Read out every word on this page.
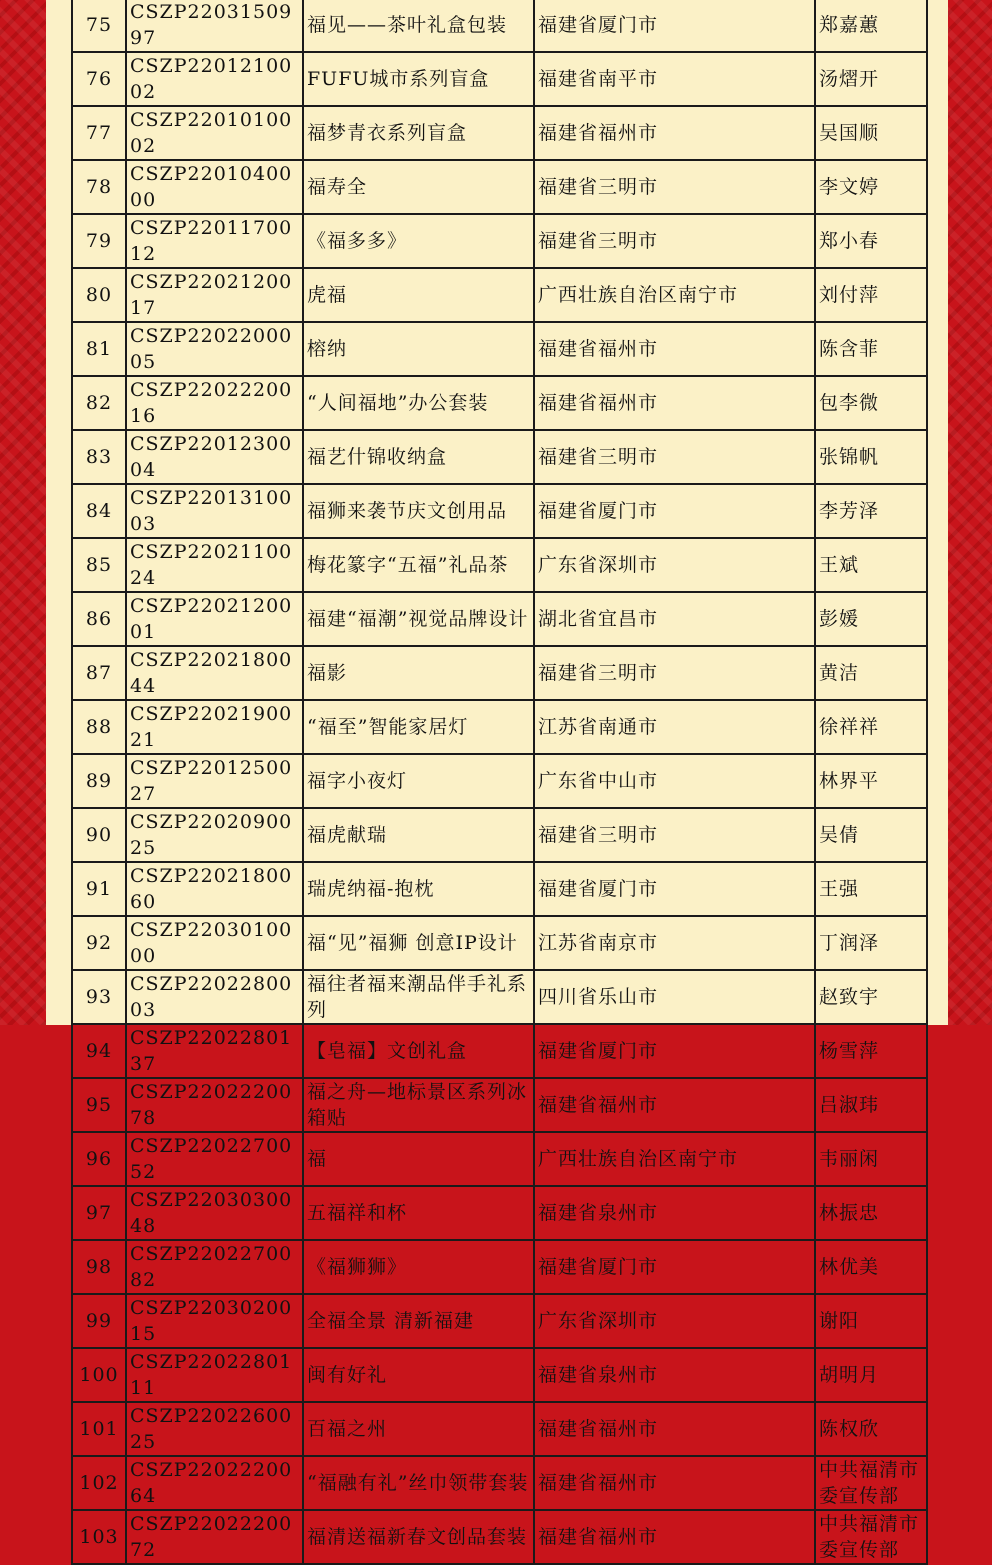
75	CSZP2203150997	福见——茶叶礼盒包装	福建省厦门市	郑嘉蕙
76	CSZP2201210002	FUFU城市系列盲盒	福建省南平市	汤熠开
77	CSZP2201010002	福梦青衣系列盲盒	福建省福州市	吴国顺
78	CSZP2201040000	福寿全	福建省三明市	李文婷
79	CSZP2201170012	《福多多》	福建省三明市	郑小春
80	CSZP2202120017	虎福	广西壮族自治区南宁市	刘付萍
81	CSZP2202200005	榕纳	福建省福州市	陈含菲
82	CSZP2202220016	“人间福地”办公套装	福建省福州市	包李微
83	CSZP2201230004	福艺什锦收纳盒	福建省三明市	张锦帆
84	CSZP2201310003	福狮来袭节庆文创用品	福建省厦门市	李芳泽
85	CSZP2202110024	梅花篆字“五福”礼品茶	广东省深圳市	王斌
86	CSZP2202120001	福建“福潮”视觉品牌设计	湖北省宜昌市	彭媛
87	CSZP2202180044	福影	福建省三明市	黄洁
88	CSZP2202190021	“福至”智能家居灯	江苏省南通市	徐祥祥
89	CSZP2201250027	福字小夜灯	广东省中山市	林界平
90	CSZP2202090025	福虎献瑞	福建省三明市	吴倩
91	CSZP2202180060	瑞虎纳福-抱枕	福建省厦门市	王强
92	CSZP2203010000	福“见”福狮 创意IP设计	江苏省南京市	丁润泽
93	CSZP2202280003	福往者福来潮品伴手礼系列	四川省乐山市	赵致宇
94	CSZP2202280137	【皂福】文创礼盒	福建省厦门市	杨雪萍
95	CSZP2202220078	福之舟—地标景区系列冰箱贴	福建省福州市	吕淑玮
96	CSZP2202270052	福	广西壮族自治区南宁市	韦丽闲
97	CSZP2203030048	五福祥和杯	福建省泉州市	林振忠
98	CSZP2202270082	《福狮狮》	福建省厦门市	林优美
99	CSZP2203020015	全福全景 清新福建	广东省深圳市	谢阳
100	CSZP2202280111	闽有好礼	福建省泉州市	胡明月
101	CSZP2202260025	百福之州	福建省福州市	陈权欣
102	CSZP2202220064	“福融有礼”丝巾领带套装	福建省福州市	中共福清市委宣传部
103	CSZP2202220072	福清送福新春文创品套装	福建省福州市	中共福清市委宣传部
